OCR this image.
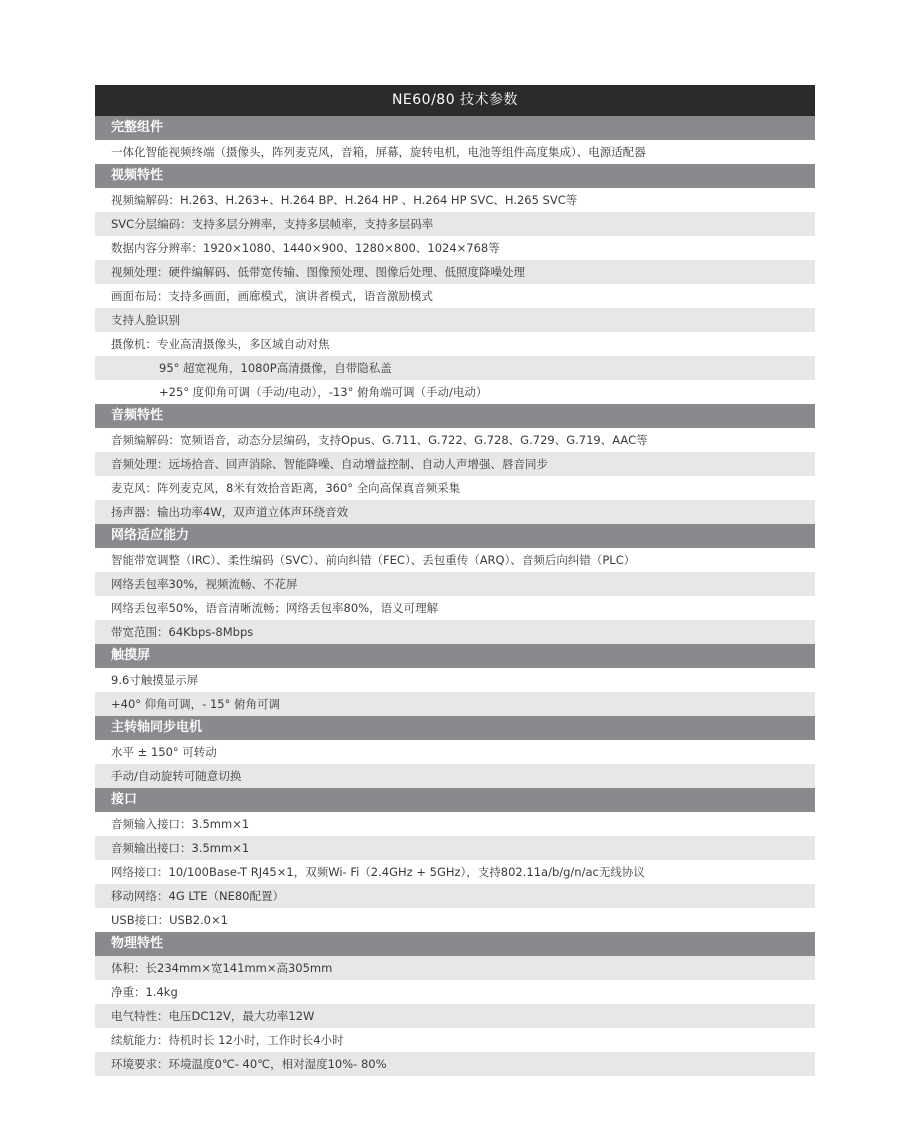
NE60/80 技术参数
完整组件
一体化智能视频终端（摄像头，阵列麦克风，音箱，屏幕，旋转电机，电池等组件高度集成）、电源适配器
视频特性
视频编解码：H.263、H.263+、H.264 BP、H.264 HP 、H.264 HP SVC、H.265 SVC等
SVC分层编码：支持多层分辨率，支持多层帧率，支持多层码率
数据内容分辨率：1920×1080、1440×900、1280×800、1024×768等
视频处理：硬件编解码、低带宽传输、图像预处理、图像后处理、低照度降噪处理
画面布局：支持多画面，画廊模式，演讲者模式，语音激励模式
支持人脸识别
摄像机：专业高清摄像头，多区域自动对焦
95° 超宽视角，1080P高清摄像，自带隐私盖
+25° 度仰角可调（手动/电动），-13° 俯角端可调（手动/电动）
音频特性
音频编解码：宽频语音，动态分层编码，支持Opus、G.711、G.722、G.728、G.729、G.719、AAC等
音频处理：远场拾音、回声消除、智能降噪、自动增益控制、自动人声增强、唇音同步
麦克风：阵列麦克风，8米有效拾音距离，360° 全向高保真音频采集
扬声器：输出功率4W，双声道立体声环绕音效
网络适应能力
智能带宽调整（IRC）、柔性编码（SVC）、前向纠错（FEC）、丢包重传（ARQ）、音频后向纠错（PLC）
网络丢包率30%，视频流畅、不花屏
网络丢包率50%，语音清晰流畅；网络丢包率80%，语义可理解
带宽范围：64Kbps-8Mbps
触摸屏
9.6寸触摸显示屏
+40° 仰角可调，- 15° 俯角可调
主转轴同步电机
水平 ± 150° 可转动
手动/自动旋转可随意切换
接口
音频输入接口：3.5mm×1
音频输出接口：3.5mm×1
网络接口：10/100Base-T RJ45×1，双频Wi- Fi（2.4GHz + 5GHz），支持802.11a/b/g/n/ac无线协议
移动网络：4G LTE（NE80配置）
USB接口：USB2.0×1
物理特性
体积：长234mm×宽141mm×高305mm
净重：1.4kg
电气特性：电压DC12V，最大功率12W
续航能力：待机时长 12小时，工作时长4小时
环境要求：环境温度0℃- 40℃，相对湿度10%- 80%
